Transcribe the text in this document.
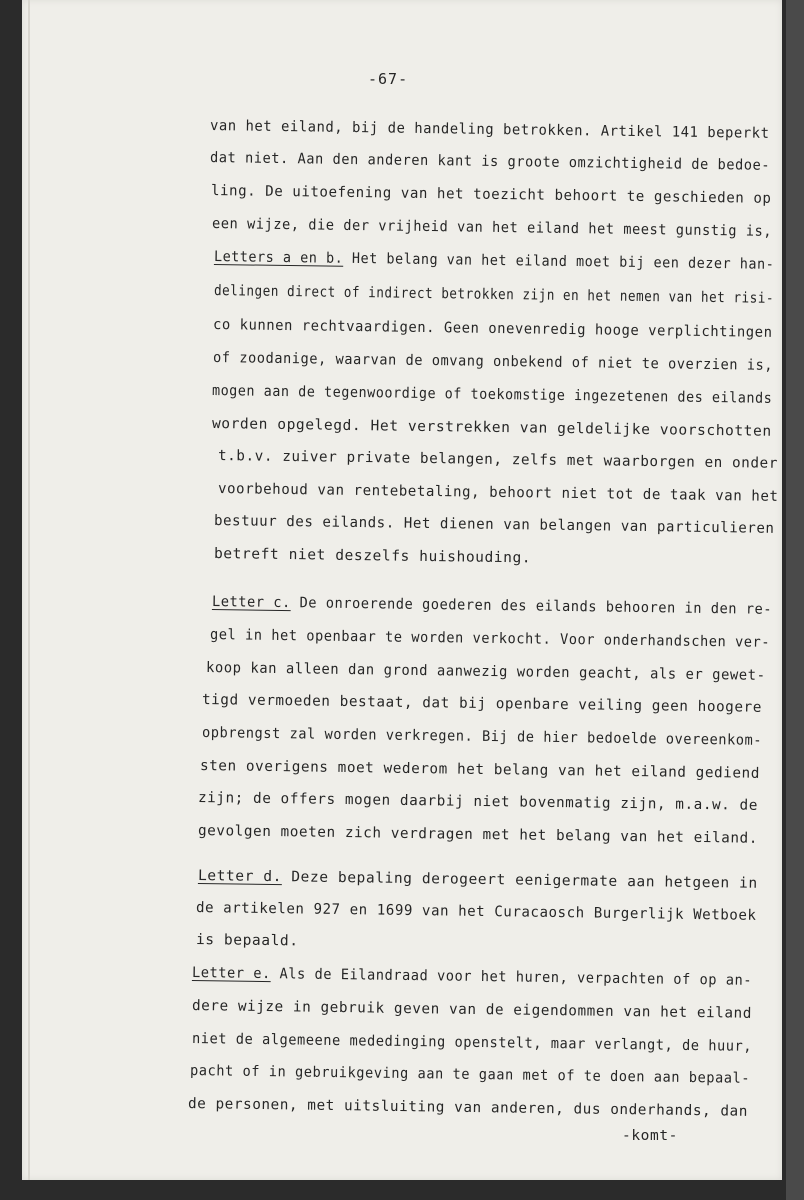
-67-
van het eiland, bij de handeling betrokken. Artikel 141 beperkt
dat niet. Aan den anderen kant is groote omzichtigheid de bedoe-
ling. De uitoefening van het toezicht behoort te geschieden op
een wijze, die der vrijheid van het eiland het meest gunstig is,
Letters a en b. Het belang van het eiland moet bij een dezer han-
delingen direct of indirect betrokken zijn en het nemen van het risi-
co kunnen rechtvaardigen. Geen onevenredig hooge verplichtingen
of zoodanige, waarvan de omvang onbekend of niet te overzien is,
mogen aan de tegenwoordige of toekomstige ingezetenen des eilands
worden opgelegd. Het verstrekken van geldelijke voorschotten
t.b.v. zuiver private belangen, zelfs met waarborgen en onder
voorbehoud van rentebetaling, behoort niet tot de taak van het
bestuur des eilands. Het dienen van belangen van particulieren
betreft niet deszelfs huishouding.
Letter c. De onroerende goederen des eilands behooren in den re-
gel in het openbaar te worden verkocht. Voor onderhandschen ver-
koop kan alleen dan grond aanwezig worden geacht, als er gewet-
tigd vermoeden bestaat, dat bij openbare veiling geen hoogere
opbrengst zal worden verkregen. Bij de hier bedoelde overeenkom-
sten overigens moet wederom het belang van het eiland gediend
zijn; de offers mogen daarbij niet bovenmatig zijn, m.a.w. de
gevolgen moeten zich verdragen met het belang van het eiland.
Letter d. Deze bepaling derogeert eenigermate aan hetgeen in
de artikelen 927 en 1699 van het Curacaosch Burgerlijk Wetboek
is bepaald.
Letter e. Als de Eilandraad voor het huren, verpachten of op an-
dere wijze in gebruik geven van de eigendommen van het eiland
niet de algemeene mededinging openstelt, maar verlangt, de huur,
pacht of in gebruikgeving aan te gaan met of te doen aan bepaal-
de personen, met uitsluiting van anderen, dus onderhands, dan
-komt-
